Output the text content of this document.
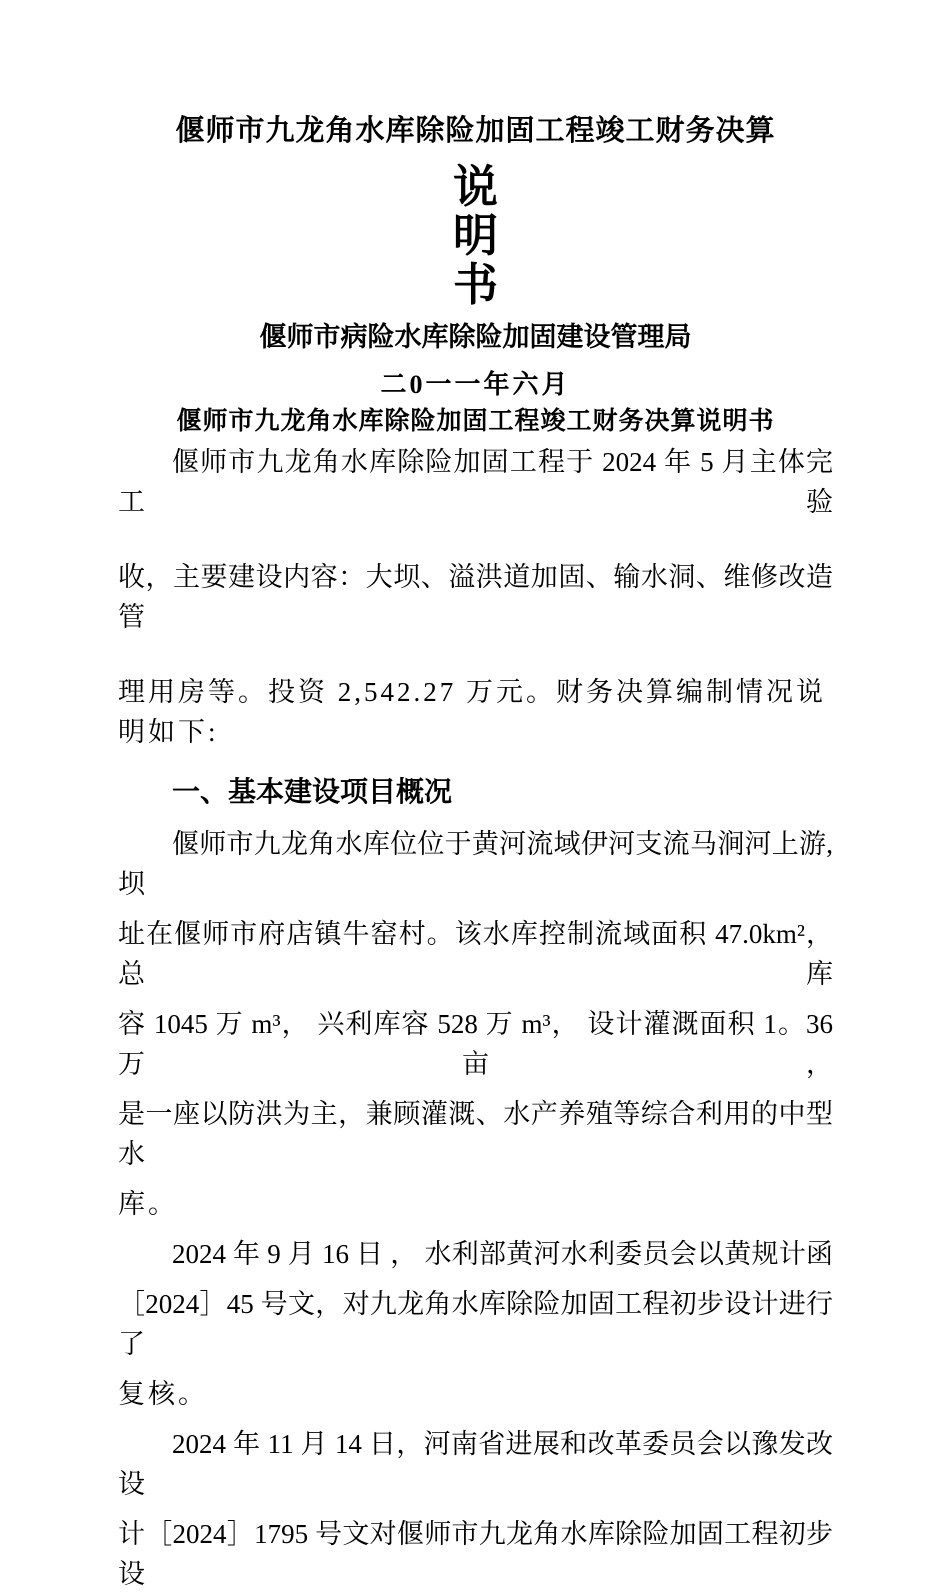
偃师市九龙角水库除险加固工程竣工财务决算
说
明
书
偃师市病险水库除险加固建设管理局
二0一一年六月
偃师市九龙角水库除险加固工程竣工财务决算说明书
偃师市九龙角水库除险加固工程于 2024 年 5 月主体完工验
收，主要建设内容：大坝、溢洪道加固、输水洞、维修改造管
理用房等。投资 2,542.27 万元。财务决算编制情况说明如下:
一、基本建设项目概况
偃师市九龙角水库位位于黄河流域伊河支流马涧河上游,坝
址在偃师市府店镇牛窑村。该水库控制流域面积 47.0km²，总库
容 1045 万 m³， 兴利库容 528 万 m³， 设计灌溉面积 1。36 万亩，
是一座以防洪为主，兼顾灌溉、水产养殖等综合利用的中型水
库。
2024 年 9 月 16 日 ， 水利部黄河水利委员会以黄规计函
［2024］45 号文，对九龙角水库除险加固工程初步设计进行了
复核。
2024 年 11 月 14 日，河南省进展和改革委员会以豫发改设
计［2024］1795 号文对偃师市九龙角水库除险加固工程初步设
